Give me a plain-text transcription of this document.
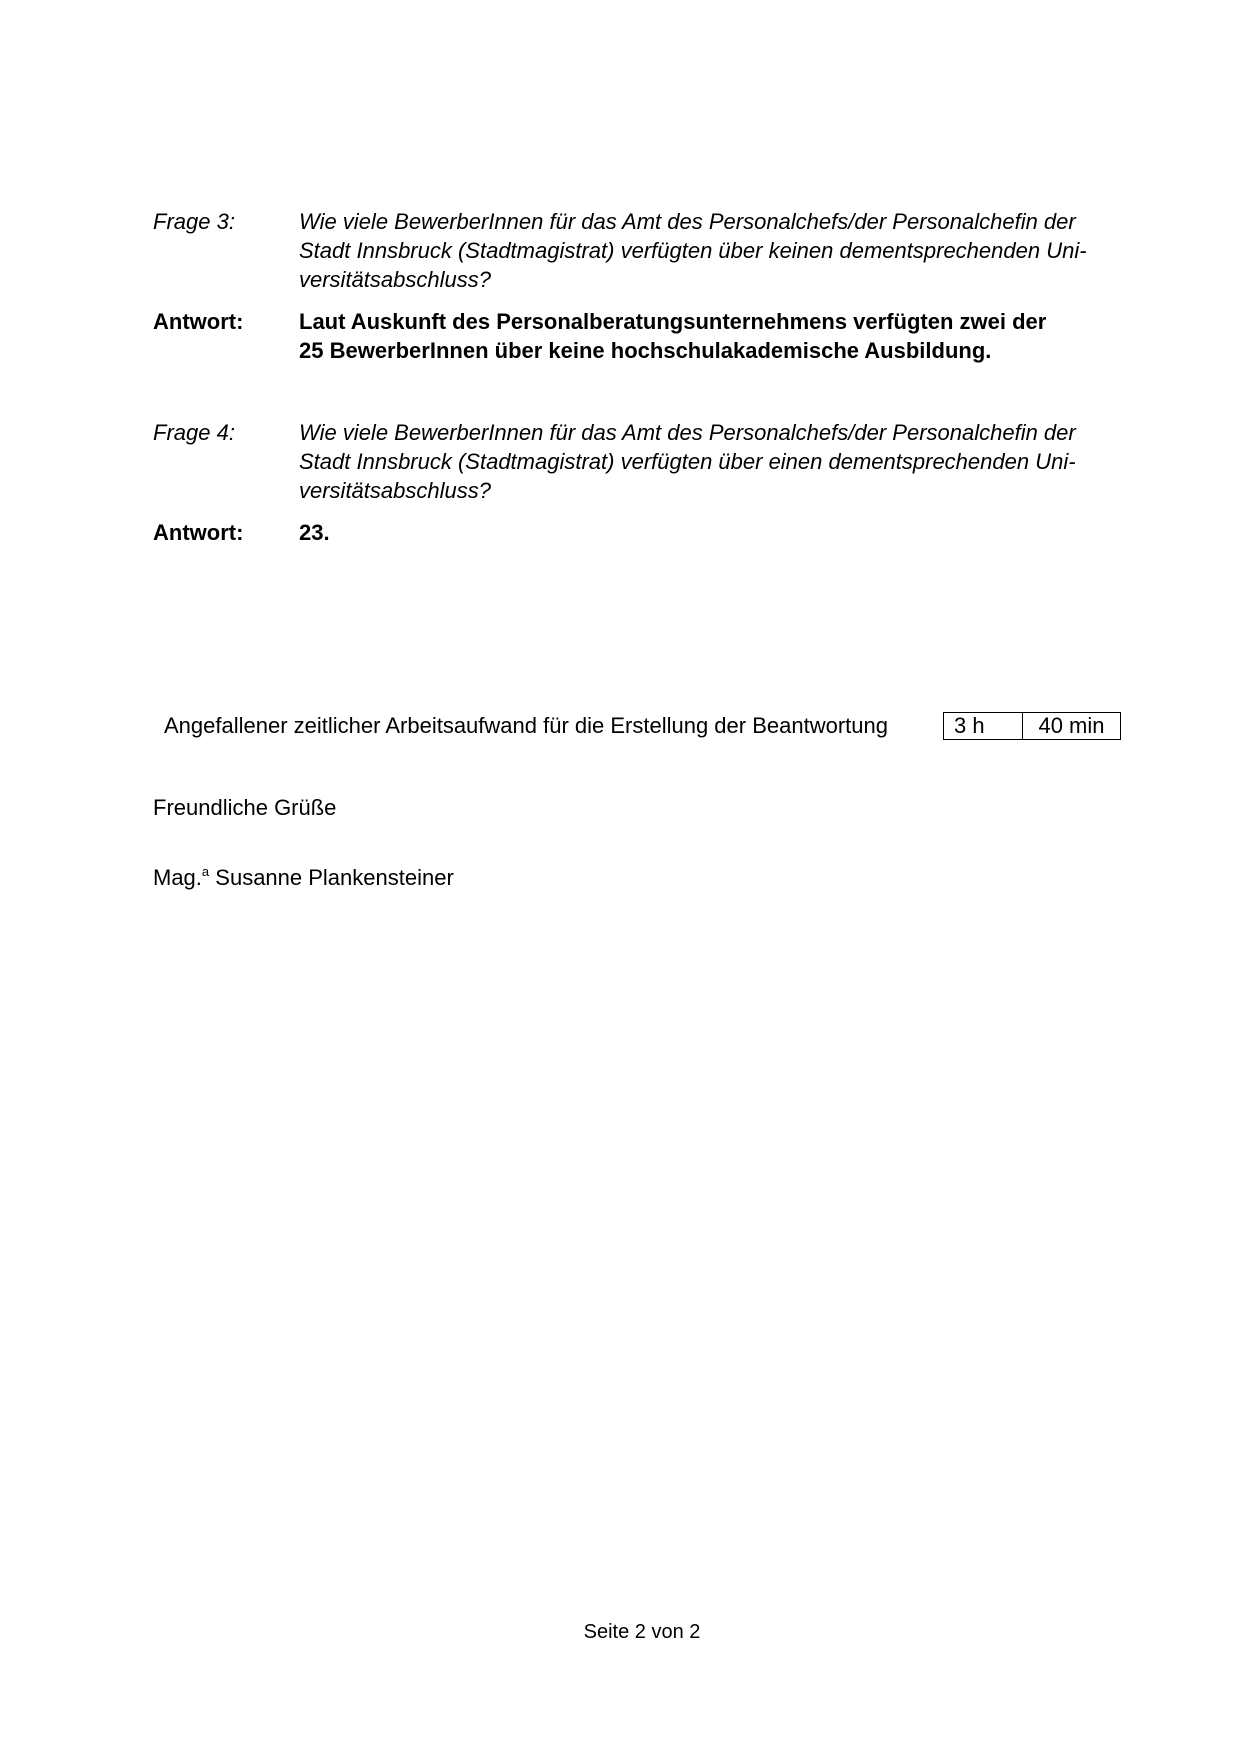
Frage 3:	Wie viele BewerberInnen für das Amt des Personalchefs/der Personalchefin der
Stadt Innsbruck (Stadtmagistrat) verfügten über keinen dementsprechenden Uni-
versitätsabschluss?
Antwort:	Laut Auskunft des Personalberatungsunternehmens verfügten zwei der
25 BewerberInnen über keine hochschulakademische Ausbildung.
Frage 4:	Wie viele BewerberInnen für das Amt des Personalchefs/der Personalchefin der
Stadt Innsbruck (Stadtmagistrat) verfügten über einen dementsprechenden Uni-
versitätsabschluss?
Antwort:	23.
Angefallener zeitlicher Arbeitsaufwand für die Erstellung der Beantwortung	3 h	40 min
Freundliche Grüße
Mag.$^a$ Susanne Plankensteiner
Seite 2 von 2
